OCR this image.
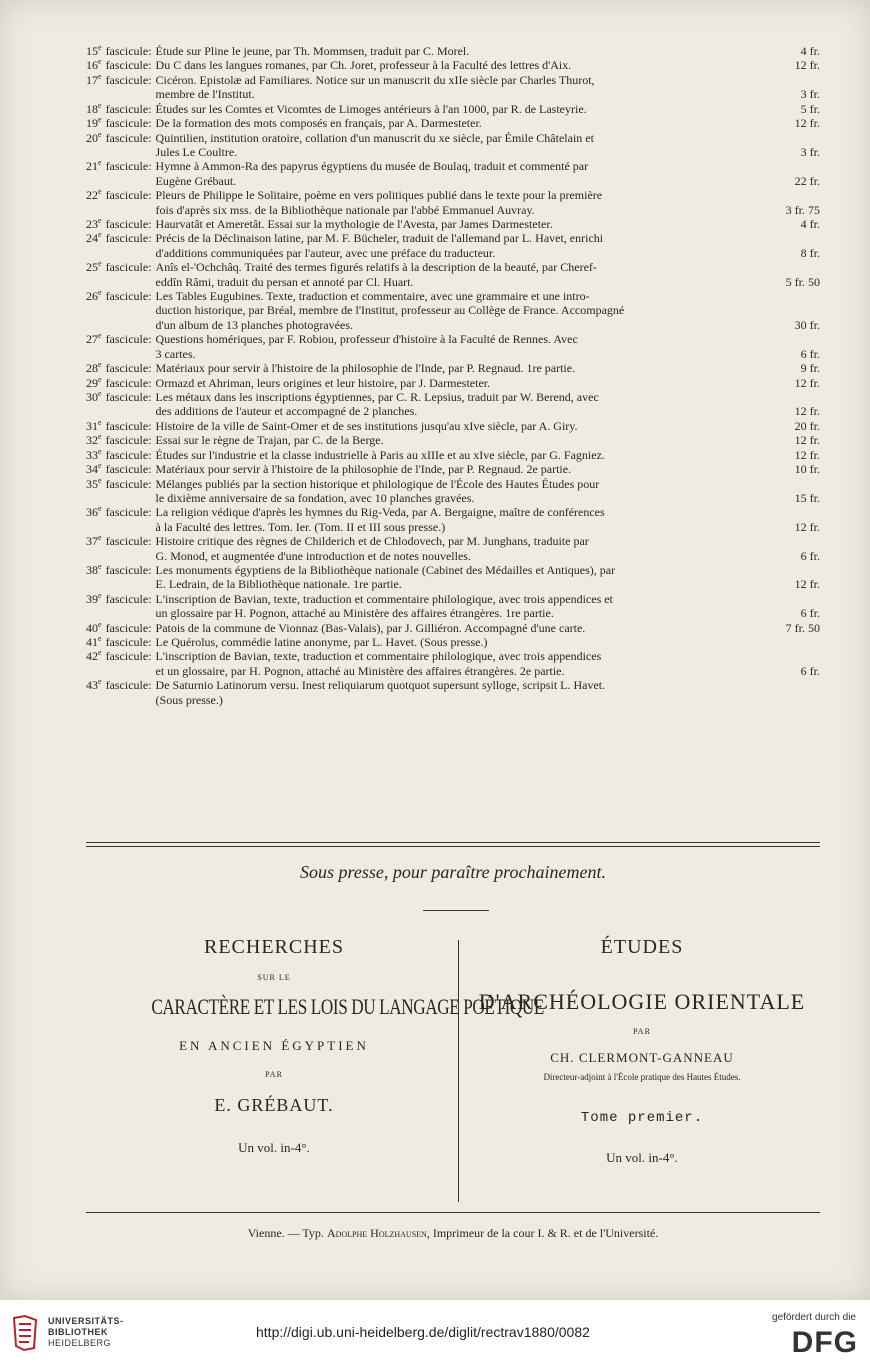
15e fascicule: Étude sur Pline le jeune, par Th. Mommsen, traduit par C. Morel.	4 fr.
16e fascicule: Du C dans les langues romanes, par Ch. Joret, professeur à la Faculté des lettres d'Aix.	12 fr.
17e fascicule: Cicéron. Epistolæ ad Familiares. Notice sur un manuscrit du xIIe siècle par Charles Thurot,
membre de l'Institut.	3 fr.
18e fascicule: Études sur les Comtes et Vicomtes de Limoges antérieurs à l'an 1000, par R. de Lasteyrie.	5 fr.
19e fascicule: De la formation des mots composés en français, par A. Darmesteter.	12 fr.
20e fascicule: Quintilien, institution oratoire, collation d'un manuscrit du xe siècle, par Émile Châtelain et
Jules Le Coultre.	3 fr.
21e fascicule: Hymne à Ammon-Ra des papyrus égyptiens du musée de Boulaq, traduit et commenté par
Eugène Grébaut.	22 fr.
22e fascicule: Pleurs de Philippe le Solitaire, poème en vers politiques publié dans le texte pour la première
fois d'après six mss. de la Bibliothèque nationale par l'abbé Emmanuel Auvray.	3 fr. 75
23e fascicule: Haurvatât et Ameretât. Essai sur la mythologie de l'Avesta, par James Darmesteter.	4 fr.
24e fascicule: Précis de la Déclinaison latine, par M. F. Bücheler, traduit de l'allemand par L. Havet, enrichi
d'additions communiquées par l'auteur, avec une préface du traducteur.	8 fr.
25e fascicule: Anîs el-'Ochchâq. Traité des termes figurés relatifs à la description de la beauté, par Cheref-
eddîn Râmi, traduit du persan et annoté par Cl. Huart.	5 fr. 50
26e fascicule: Les Tables Eugubines. Texte, traduction et commentaire, avec une grammaire et une intro-
duction historique, par Bréal, membre de l'Institut, professeur au Collège de France. Accompagné
d'un album de 13 planches photogravées.	30 fr.
27e fascicule: Questions homériques, par F. Robiou, professeur d'histoire à la Faculté de Rennes. Avec
3 cartes.	6 fr.
28e fascicule: Matériaux pour servir à l'histoire de la philosophie de l'Inde, par P. Regnaud. 1re partie.	9 fr.
29e fascicule: Ormazd et Ahriman, leurs origines et leur histoire, par J. Darmesteter.	12 fr.
30e fascicule: Les métaux dans les inscriptions égyptiennes, par C. R. Lepsius, traduit par W. Berend, avec
des additions de l'auteur et accompagné de 2 planches.	12 fr.
31e fascicule: Histoire de la ville de Saint-Omer et de ses institutions jusqu'au xIve siècle, par A. Giry.	20 fr.
32e fascicule: Essai sur le règne de Trajan, par C. de la Berge.	12 fr.
33e fascicule: Études sur l'industrie et la classe industrielle à Paris au xIIIe et au xIve siècle, par G. Fagniez.	12 fr.
34e fascicule: Matériaux pour servir à l'histoire de la philosophie de l'Inde, par P. Regnaud. 2e partie.	10 fr.
35e fascicule: Mélanges publiés par la section historique et philologique de l'École des Hautes Études pour
le dixième anniversaire de sa fondation, avec 10 planches gravées.	15 fr.
36e fascicule: La religion védique d'après les hymnes du Rig-Veda, par A. Bergaigne, maître de conférences
à la Faculté des lettres. Tom. Ier. (Tom. II et III sous presse.)	12 fr.
37e fascicule: Histoire critique des règnes de Childerich et de Chlodovech, par M. Junghans, traduite par
G. Monod, et augmentée d'une introduction et de notes nouvelles.	6 fr.
38e fascicule: Les monuments égyptiens de la Bibliothèque nationale (Cabinet des Médailles et Antiques), par
E. Ledrain, de la Bibliothèque nationale. 1re partie.	12 fr.
39e fascicule: L'inscription de Bavian, texte, traduction et commentaire philologique, avec trois appendices et
un glossaire par H. Pognon, attaché au Ministère des affaires étrangères. 1re partie.	6 fr.
40e fascicule: Patois de la commune de Vionnaz (Bas-Valais), par J. Gilliéron. Accompagné d'une carte.	7 fr. 50
41e fascicule: Le Quérolus, commédie latine anonyme, par L. Havet. (Sous presse.)
42e fascicule: L'inscription de Bavian, texte, traduction et commentaire philologique, avec trois appendices
et un glossaire, par H. Pognon, attaché au Ministère des affaires étrangères. 2e partie.	6 fr.
43e fascicule: De Saturnio Latinorum versu. Inest reliquiarum quotquot supersunt sylloge, scripsit L. Havet.
(Sous presse.)
Sous presse, pour paraître prochainement.
RECHERCHES
SUR LE
CARACTÈRE ET LES LOIS DU LANGAGE POÉTIQUE
EN ANCIEN ÉGYPTIEN
PAR
E. GRÉBAUT.
Un vol. in-4°.
ÉTUDES
D'ARCHÉOLOGIE ORIENTALE
PAR
CH. CLERMONT-GANNEAU
Directeur-adjoint à l'École pratique des Hautes Études.
Tome premier.
Un vol. in-4°.
Vienne. — Typ. Adolphe Holzhausen, Imprimeur de la cour I. & R. et de l'Université.
UNIVERSITÄTS-
BIBLIOTHEK
HEIDELBERG
http://digi.ub.uni-heidelberg.de/diglit/rectrav1880/0082
gefördert durch die
DFG
